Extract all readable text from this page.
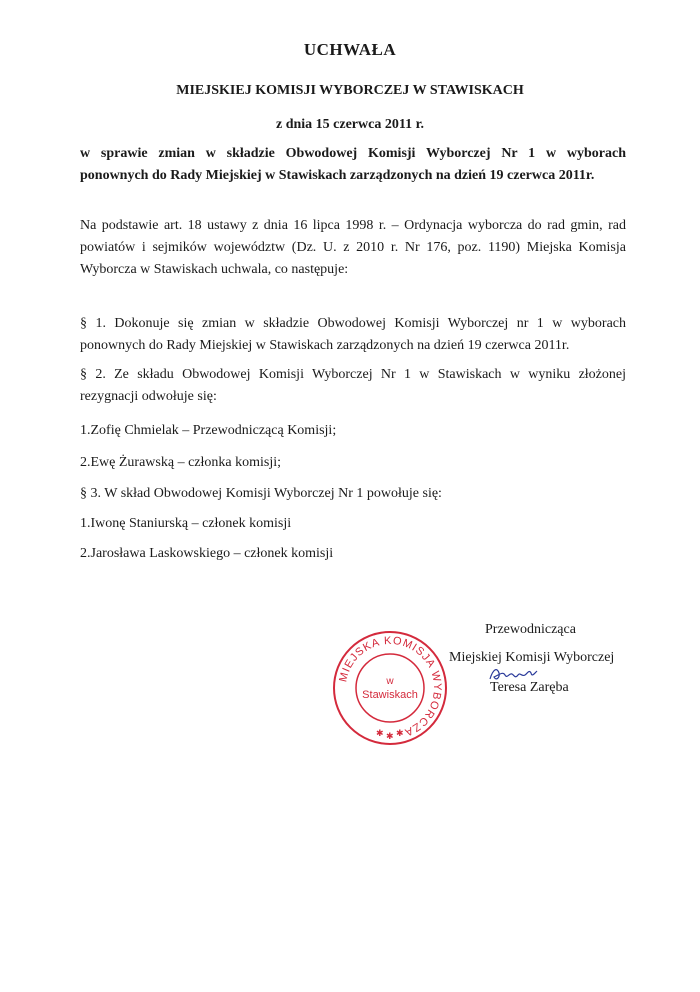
UCHWAŁA
MIEJSKIEJ KOMISJI WYBORCZEJ W STAWISKACH
z dnia 15 czerwca 2011 r.
w sprawie zmian w składzie Obwodowej Komisji Wyborczej Nr 1 w wyborach
ponownych do Rady Miejskiej w Stawiskach zarządzonych na dzień 19 czerwca 2011r.
Na podstawie art. 18 ustawy z dnia 16 lipca 1998 r. – Ordynacja wyborcza do rad gmin, rad
powiatów i sejmików województw (Dz. U. z 2010 r. Nr 176, poz. 1190) Miejska Komisja
Wyborcza w Stawiskach uchwala, co następuje:
§ 1. Dokonuje się zmian w składzie Obwodowej Komisji Wyborczej nr 1 w wyborach
ponownych do Rady Miejskiej w Stawiskach zarządzonych na dzień 19 czerwca 2011r.
§ 2. Ze składu Obwodowej Komisji Wyborczej Nr 1 w Stawiskach w wyniku złożonej
rezygnacji odwołuje się:
1.Zofię Chmielak – Przewodniczącą Komisji;
2.Ewę Żurawską – członka komisji;
§ 3. W skład Obwodowej Komisji Wyborczej Nr 1 powołuje się:
1.Iwonę Staniurską – członek komisji
2.Jarosława Laskowskiego – członek komisji
MIEJSKA KOMISJA WYBORCZA
w
Stawiskach
✱ ✱ ✱
Przewodnicząca
Miejskiej Komisji Wyborczej
Teresa Zaręba
